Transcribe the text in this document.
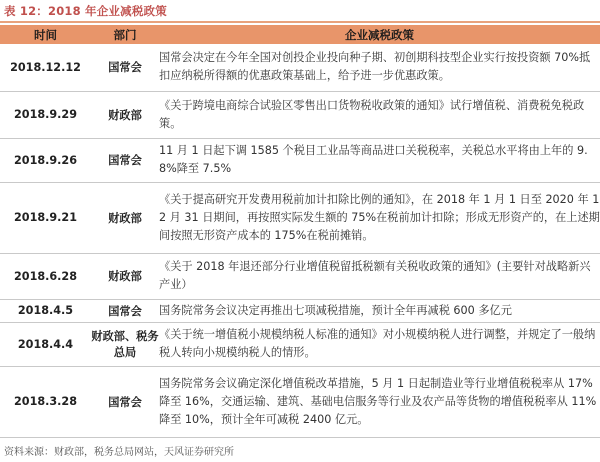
表 12：2018 年企业减税政策
时间	部门	企业减税政策
2018.12.12	国常会	国常会决定在今年全国对创投企业投向种子期、初创期科技型企业实行按投资额 70%抵扣应纳税所得额的优惠政策基础上，给予进一步优惠政策。
2018.9.29	财政部	《关于跨境电商综合试验区零售出口货物税收政策的通知》试行增值税、消费税免税政策。
2018.9.26	国常会	11 月 1 日起下调 1585 个税目工业品等商品进口关税税率，关税总水平将由上年的 9.8%降至 7.5%
2018.9.21	财政部	《关于提高研究开发费用税前加计扣除比例的通知》，在 2018 年 1 月 1 日至 2020 年 12 月 31 日期间，再按照实际发生额的 75%在税前加计扣除；形成无形资产的，在上述期间按照无形资产成本的 175%在税前摊销。
2018.6.28	财政部	《关于 2018 年退还部分行业增值税留抵税额有关税收政策的通知》(主要针对战略新兴产业）
2018.4.5	国常会	国务院常务会议决定再推出七项减税措施，预计全年再减税 600 多亿元
2018.4.4	财政部、税务总局	《关于统一增值税小规模纳税人标准的通知》对小规模纳税人进行调整，并规定了一般纳税人转向小规模纳税人的情形。
2018.3.28	国常会	国务院常务会议确定深化增值税改革措施，5 月 1 日起制造业等行业增值税税率从 17%降至 16%，交通运输、建筑、基础电信服务等行业及农产品等货物的增值税税率从 11%降至 10%，预计全年可减税 2400 亿元。
资料来源：财政部，税务总局网站，天风证券研究所
